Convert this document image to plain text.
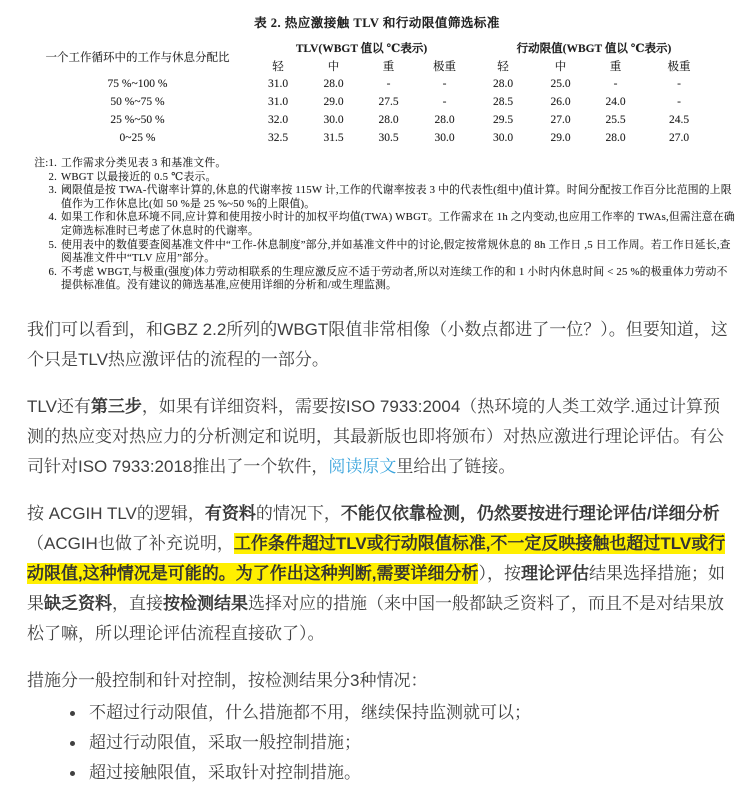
表 2. 热应激接触 TLV 和行动限值筛选标准
一个工作循环中的工作与休息分配比	TLV(WBGT 值以 ℃表示)				行动限值(WBGT 值以 ℃表示)			
	轻	中	重	极重	轻	中	重	极重
75 %~100 %	31.0	28.0	-	-	28.0	25.0	-	-
50 %~75 %	31.0	29.0	27.5	-	28.5	26.0	24.0	-
25 %~50 %	32.0	30.0	28.0	28.0	29.5	27.0	25.5	24.5
0~25 %	32.5	31.5	30.5	30.0	30.0	29.0	28.0	27.0
注:1. 工作需求分类见表 3 和基准文件。
2. WBGT 以最接近的 0.5 ℃表示。
3. 阈限值是按 TWA-代谢率计算的,休息的代谢率按 115W 计,工作的代谢率按表 3 中的代表性(组中)值计算。时间分配按工作百分比范围的上限值作为工作休息比(如 50 %是 25 %~50 %的上限值)。
4. 如果工作和休息环境不同,应计算和使用按小时计的加权平均值(TWA) WBGT。工作需求在 1h 之内变动,也应用工作率的 TWAs,但需注意在确定筛选标准时已考虑了休息时的代谢率。
5. 使用表中的数值要查阅基准文件中“工作-休息制度”部分,并如基准文件中的讨论,假定按常规休息的 8h 工作日 ,5 日工作周。若工作日延长,查阅基准文件中“TLV 应用”部分。
6. 不考虑 WBGT,与极重(强度)体力劳动相联系的生理应激反应不适于劳动者,所以对连续工作的和 1 小时内休息时间 < 25 %的极重体力劳动不提供标准值。没有建议的筛选基准,应使用详细的分析和/或生理监测。

我们可以看到，和GBZ 2.2所列的WBGT限值非常相像（小数点都进了一位？）。但要知道，这个只是TLV热应激评估的流程的一部分。

TLV还有第三步，如果有详细资料，需要按ISO 7933:2004（热环境的人类工效学.通过计算预测的热应变对热应力的分析测定和说明，其最新版也即将颁布）对热应激进行理论评估。有公司针对ISO 7933:2018推出了一个软件，阅读原文里给出了链接。

按 ACGIH TLV的逻辑，有资料的情况下，不能仅依靠检测，仍然要按进行理论评估/详细分析 （ACGIH也做了补充说明，工作条件超过TLV或行动限值标准,不一定反映接触也超过TLV或行动限值,这种情况是可能的。为了作出这种判断,需要详细分析），按理论评估结果选择措施；如果缺乏资料，直接按检测结果选择对应的措施（来中国一般都缺乏资料了，而且不是对结果放松了嘛，所以理论评估流程直接砍了）。

措施分一般控制和针对控制，按检测结果分3种情况：

不超过行动限值，什么措施都不用，继续保持监测就可以；
超过行动限值，采取一般控制措施；
超过接触限值，采取针对控制措施。
